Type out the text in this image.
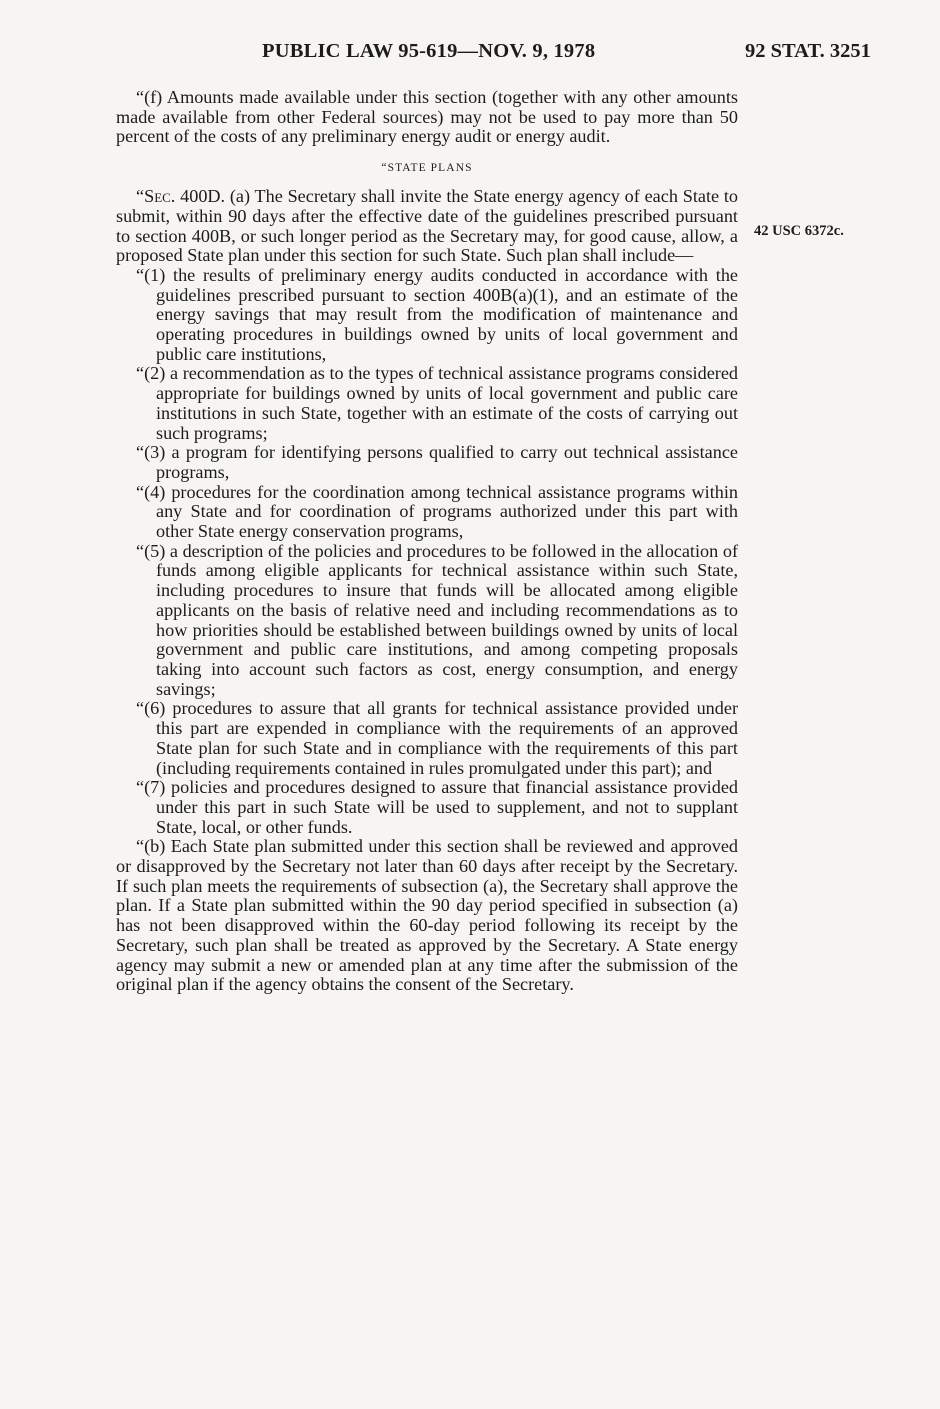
PUBLIC LAW 95-619—NOV. 9, 1978	92 STAT. 3251
42 USC 6372c.

“(f) Amounts made available under this section (together with any other amounts made available from other Federal sources) may not be used to pay more than 50 percent of the costs of any preliminary energy audit or energy audit.

“STATE PLANS

“Sec. 400D. (a) The Secretary shall invite the State energy agency of each State to submit, within 90 days after the effective date of the guidelines prescribed pursuant to section 400B, or such longer period as the Secretary may, for good cause, allow, a proposed State plan under this section for such State. Such plan shall include—

“(1) the results of preliminary energy audits conducted in accordance with the guidelines prescribed pursuant to section 400B(a)(1), and an estimate of the energy savings that may result from the modification of maintenance and operating procedures in buildings owned by units of local government and public care institutions,

“(2) a recommendation as to the types of technical assistance programs considered appropriate for buildings owned by units of local government and public care institutions in such State, together with an estimate of the costs of carrying out such programs;

“(3) a program for identifying persons qualified to carry out technical assistance programs,

“(4) procedures for the coordination among technical assistance programs within any State and for coordination of programs authorized under this part with other State energy conservation programs,

“(5) a description of the policies and procedures to be followed in the allocation of funds among eligible applicants for technical assistance within such State, including procedures to insure that funds will be allocated among eligible applicants on the basis of relative need and including recommendations as to how priorities should be established between buildings owned by units of local government and public care institutions, and among competing proposals taking into account such factors as cost, energy consumption, and energy savings;

“(6) procedures to assure that all grants for technical assistance provided under this part are expended in compliance with the requirements of an approved State plan for such State and in compliance with the requirements of this part (including requirements contained in rules promulgated under this part); and

“(7) policies and procedures designed to assure that financial assistance provided under this part in such State will be used to supplement, and not to supplant State, local, or other funds.

“(b) Each State plan submitted under this section shall be reviewed and approved or disapproved by the Secretary not later than 60 days after receipt by the Secretary. If such plan meets the requirements of subsection (a), the Secretary shall approve the plan. If a State plan submitted within the 90 day period specified in subsection (a) has not been disapproved within the 60-day period following its receipt by the Secretary, such plan shall be treated as approved by the Secretary. A State energy agency may submit a new or amended plan at any time after the submission of the original plan if the agency obtains the consent of the Secretary.
